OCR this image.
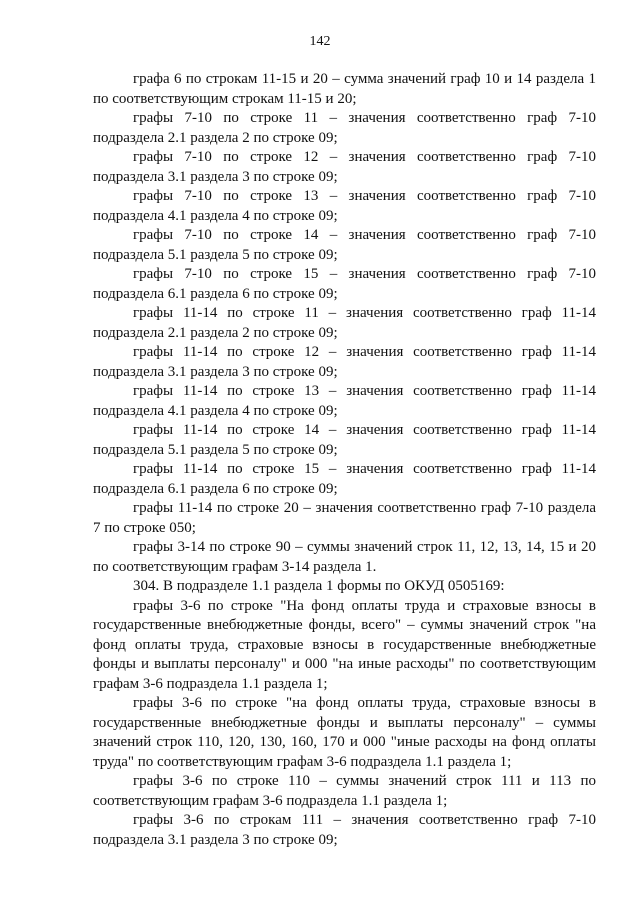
142

графа 6 по строкам 11-15 и 20 – сумма значений граф 10 и 14 раздела 1 по соответствующим строкам 11-15 и 20;

графы 7-10 по строке 11 – значения соответственно граф 7-10 подраздела 2.1 раздела 2 по строке 09;

графы 7-10 по строке 12 – значения соответственно граф 7-10 подраздела 3.1 раздела 3 по строке 09;

графы 7-10 по строке 13 – значения соответственно граф 7-10 подраздела 4.1 раздела 4 по строке 09;

графы 7-10 по строке 14 – значения соответственно граф 7-10 подраздела 5.1 раздела 5 по строке 09;

графы 7-10 по строке 15 – значения соответственно граф 7-10 подраздела 6.1 раздела 6 по строке 09;

графы 11-14 по строке 11 – значения соответственно граф 11-14 подраздела 2.1 раздела 2 по строке 09;

графы 11-14 по строке 12 – значения соответственно граф 11-14 подраздела 3.1 раздела 3 по строке 09;

графы 11-14 по строке 13 – значения соответственно граф 11-14 подраздела 4.1 раздела 4 по строке 09;

графы 11-14 по строке 14 – значения соответственно граф 11-14 подраздела 5.1 раздела 5 по строке 09;

графы 11-14 по строке 15 – значения соответственно граф 11-14 подраздела 6.1 раздела 6 по строке 09;

графы 11-14 по строке 20 – значения соответственно граф 7-10 раздела 7 по строке 050;

графы 3-14 по строке 90 – суммы значений строк 11, 12, 13, 14, 15 и 20 по соответствующим графам 3-14 раздела 1.

304. В подразделе 1.1 раздела 1 формы по ОКУД 0505169:

графы 3-6 по строке "На фонд оплаты труда и страховые взносы в государственные внебюджетные фонды, всего" – суммы значений строк "на фонд оплаты труда, страховые взносы в государственные внебюджетные фонды и выплаты персоналу" и 000 "на иные расходы" по соответствующим графам 3-6 подраздела 1.1 раздела 1;

графы 3-6 по строке "на фонд оплаты труда, страховые взносы в государственные внебюджетные фонды и выплаты персоналу" – суммы значений строк 110, 120, 130, 160, 170 и 000 "иные расходы на фонд оплаты труда" по соответствующим графам 3-6 подраздела 1.1 раздела 1;

графы 3-6 по строке 110 – суммы значений строк 111 и 113 по соответствующим графам 3-6 подраздела 1.1 раздела 1;

графы 3-6 по строкам 111 – значения соответственно граф 7-10 подраздела 3.1 раздела 3 по строке 09;
